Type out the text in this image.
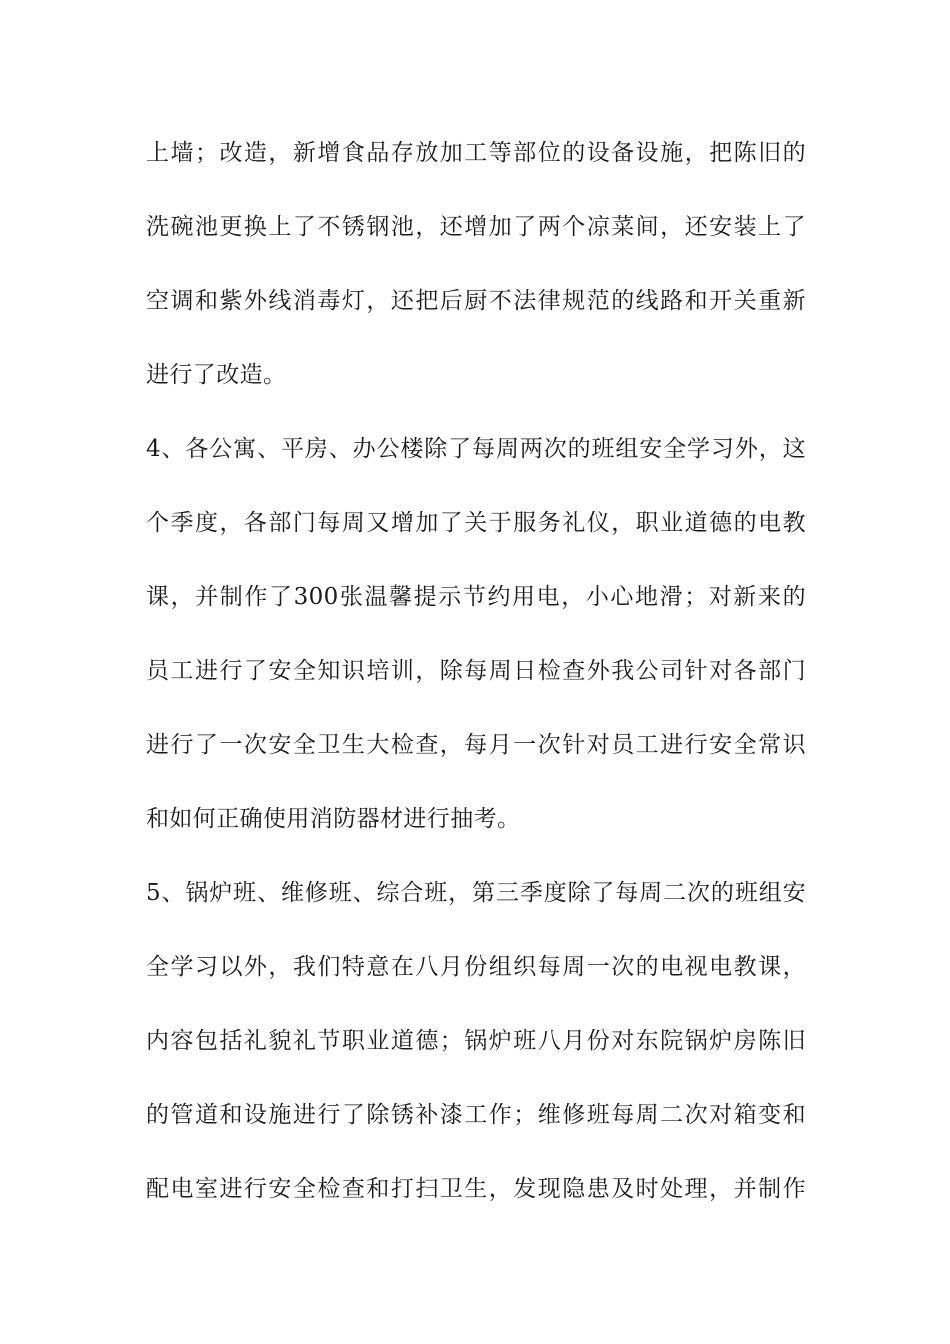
上墙；改造，新增食品存放加工等部位的设备设施，把陈旧的
洗碗池更换上了不锈钢池，还增加了两个凉菜间，还安装上了
空调和紫外线消毒灯，还把后厨不法律规范的线路和开关重新
进行了改造。
4、各公寓、平房、办公楼除了每周两次的班组安全学习外，这
个季度，各部门每周又增加了关于服务礼仪，职业道德的电教
课，并制作了300张温馨提示节约用电，小心地滑；对新来的
员工进行了安全知识培训，除每周日检查外我公司针对各部门
进行了一次安全卫生大检查，每月一次针对员工进行安全常识
和如何正确使用消防器材进行抽考。
5、锅炉班、维修班、综合班，第三季度除了每周二次的班组安
全学习以外，我们特意在八月份组织每周一次的电视电教课，
内容包括礼貌礼节职业道德；锅炉班八月份对东院锅炉房陈旧
的管道和设施进行了除锈补漆工作；维修班每周二次对箱变和
配电室进行安全检查和打扫卫生，发现隐患及时处理，并制作
